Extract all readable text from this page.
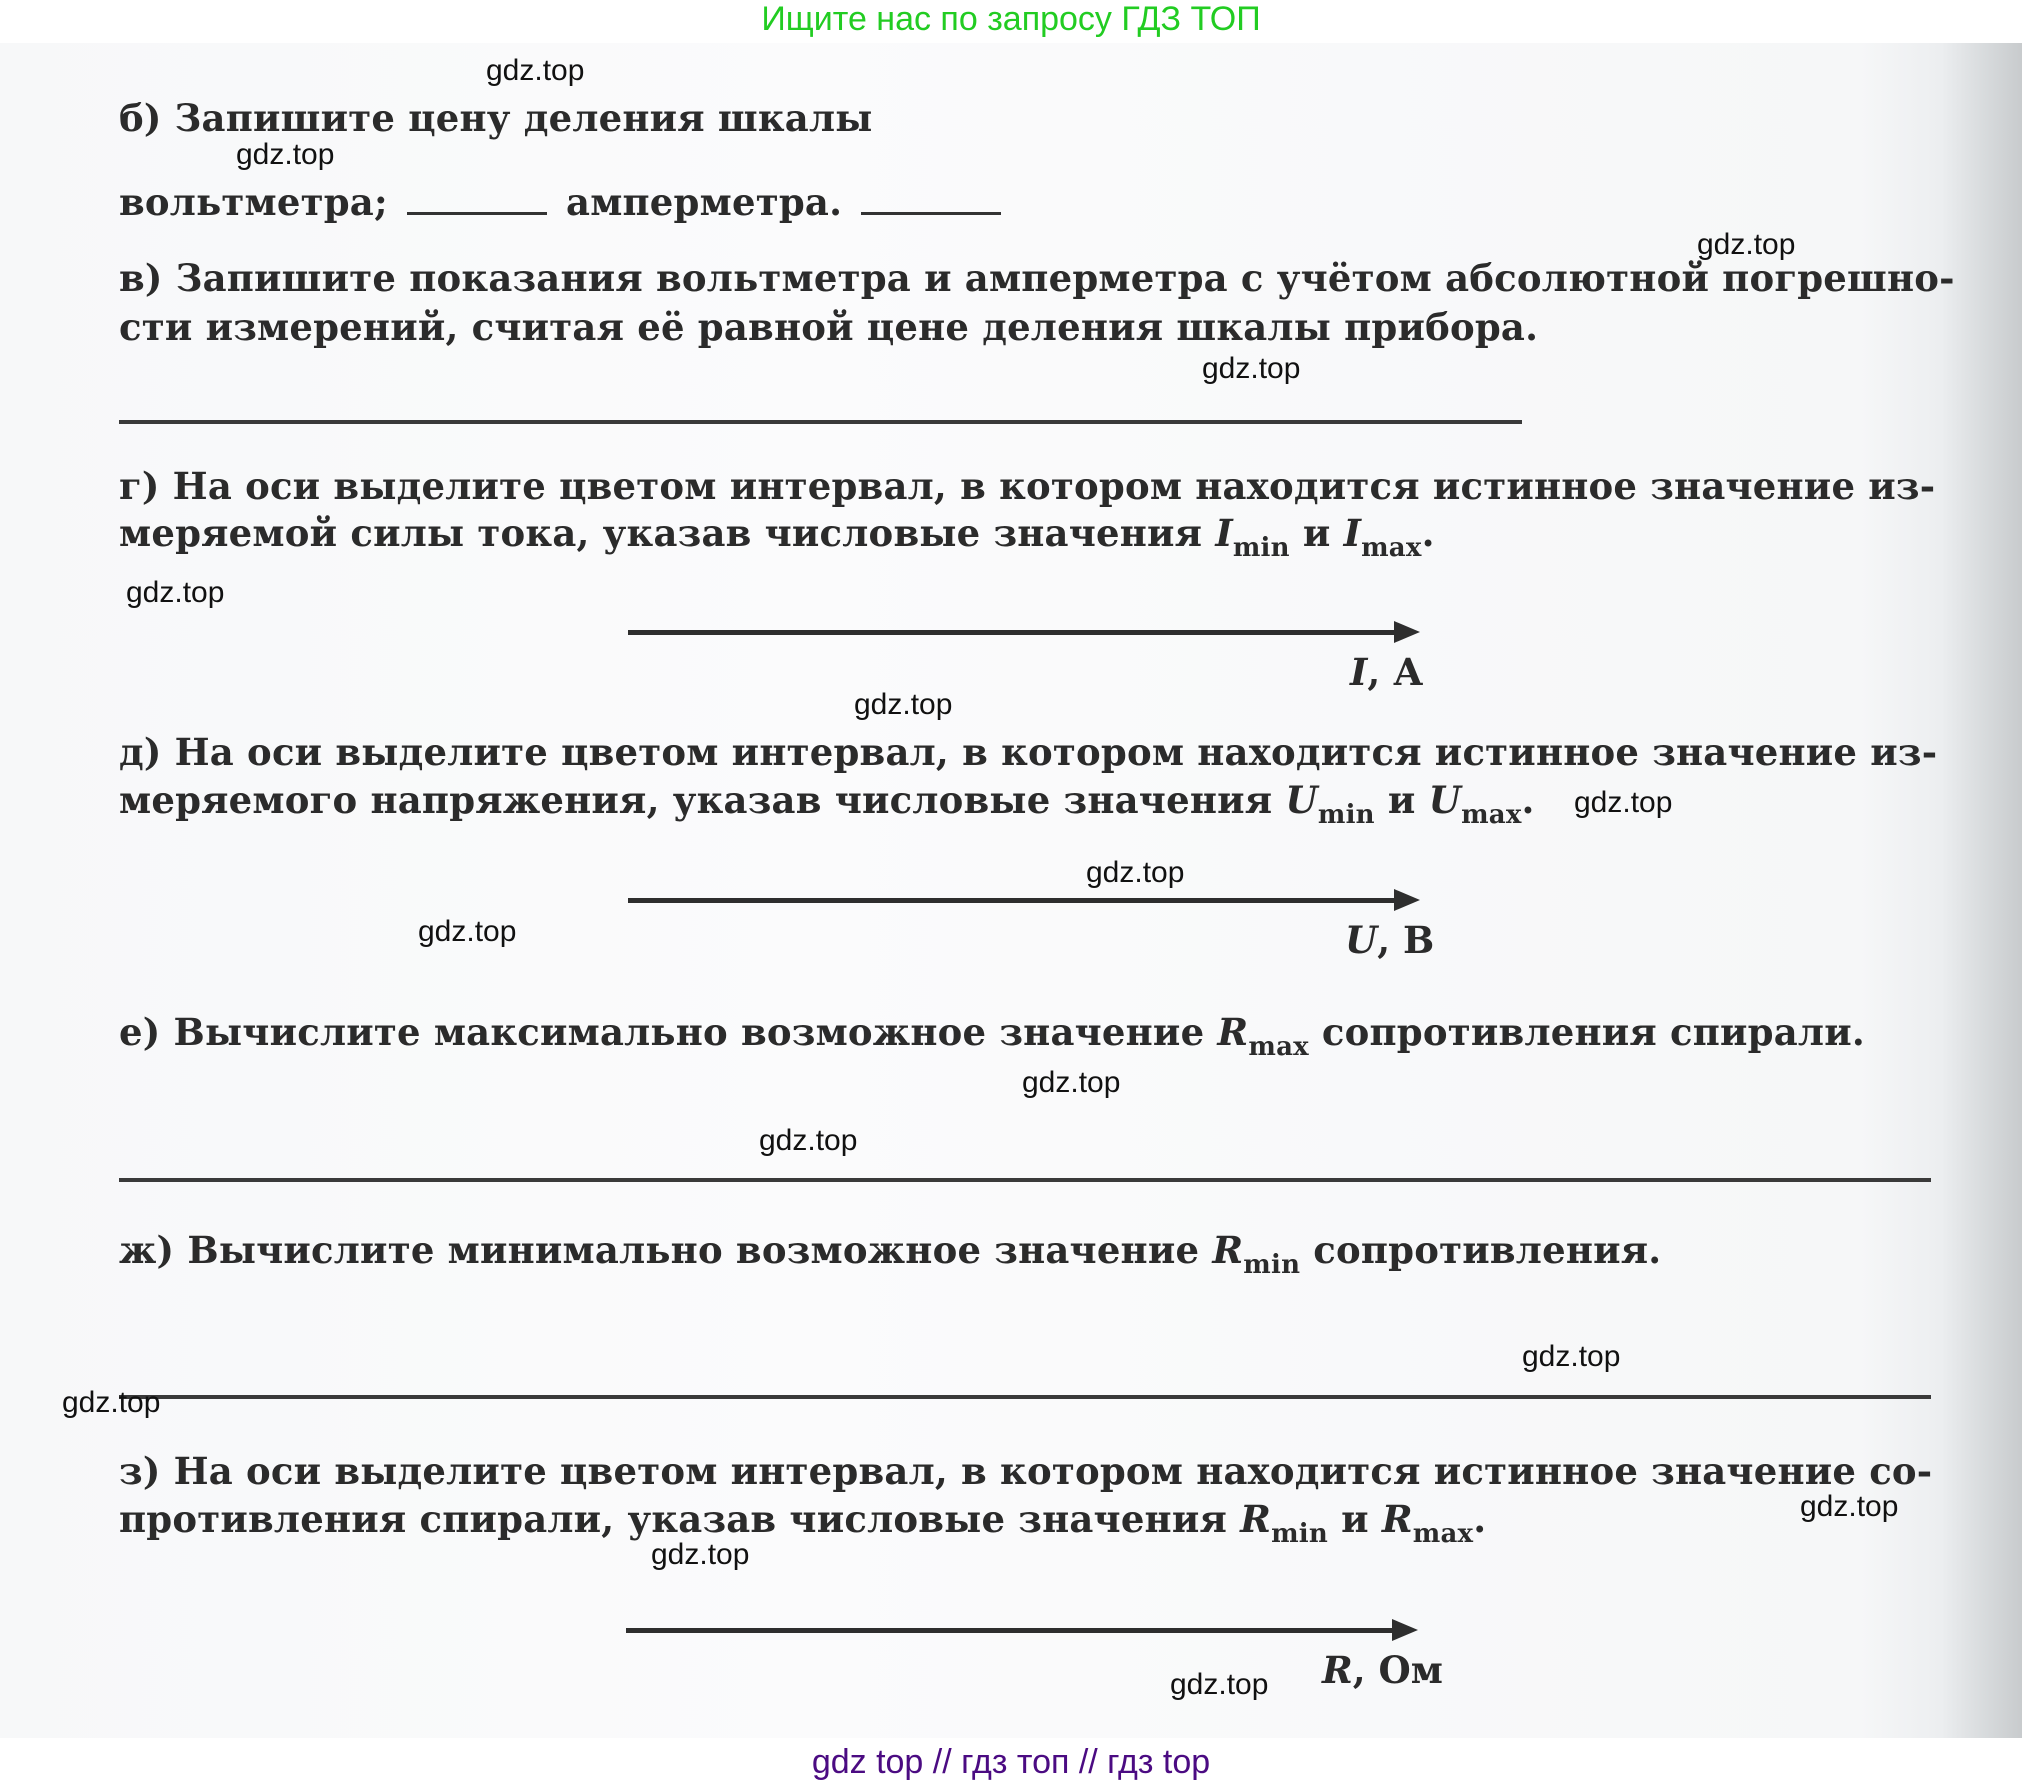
Ищите нас по запросу ГДЗ ТОП
б) Запишите цену деления шкалы
вольтметра;	амперметра.
в) Запишите показания вольтметра и амперметра с учётом абсолютной погрешно-
сти измерений, считая её равной цене деления шкалы прибора.
г) На оси выделите цветом интервал, в котором находится истинное значение из-
меряемой силы тока, указав числовые значения $I_{min}$ и $I_{max}$.
I, А
д) На оси выделите цветом интервал, в котором находится истинное значение из-
меряемого напряжения, указав числовые значения $U_{min}$ и $U_{max}$.
U, В
е) Вычислите максимально возможное значение $R_{max}$ сопротивления спирали.
ж) Вычислите минимально возможное значение $R_{min}$ сопротивления.
з) На оси выделите цветом интервал, в котором находится истинное значение со-
противления спирали, указав числовые значения $R_{min}$ и $R_{max}$.
R, Ом
gdz.top
gdz.top
gdz.top
gdz.top
gdz.top
gdz.top
gdz.top
gdz.top
gdz.top
gdz.top
gdz.top
gdz.top
gdz.top
gdz.top
gdz.top
gdz.top
gdz top // гдз топ // гдз top
